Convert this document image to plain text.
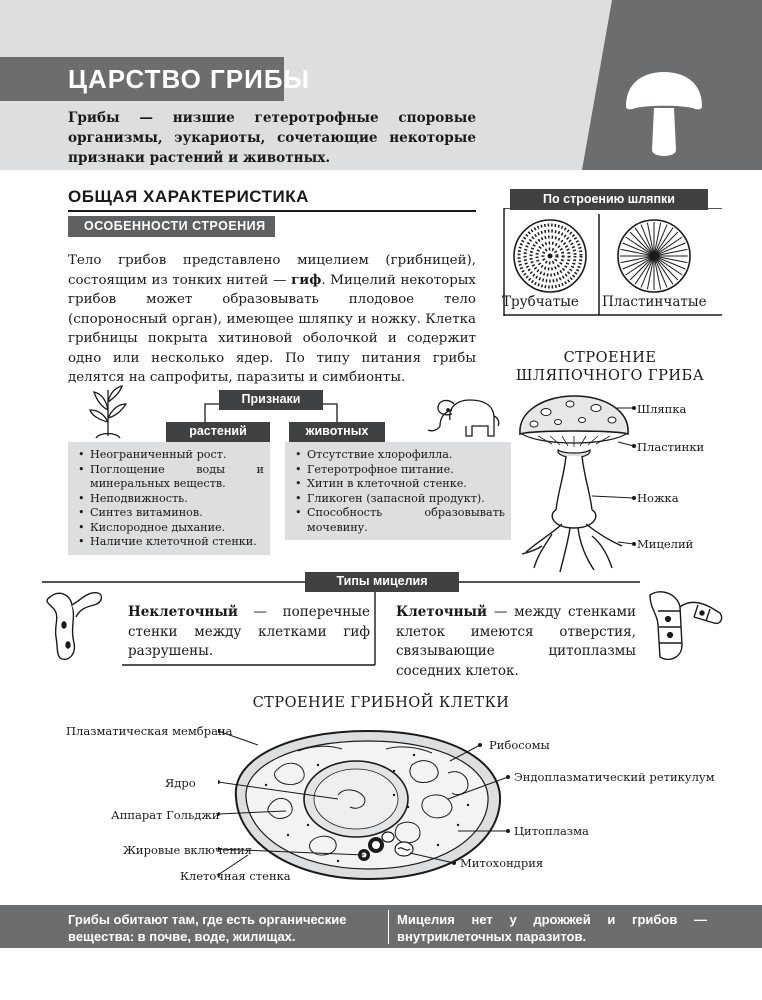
ЦАРСТВО ГРИБЫ
Грибы — низшие гетеротрофные споровые организмы, эукариоты, сочетающие некоторые признаки растений и животных.
ОБЩАЯ ХАРАКТЕРИСТИКА
ОСОБЕННОСТИ СТРОЕНИЯ
Тело грибов представлено мицелием (грибницей), состоящим из тонких нитей — гиф. Мицелий некоторых грибов может образовывать плодовое тело (спороносный орган), имеющее шляпку и ножку. Клетка грибницы покрыта хитиновой оболочкой и содержит одно или несколько ядер. По типу питания грибы делятся на сапрофиты, паразиты и симбионты.
По строению шляпки
Трубчатые Пластинчатые
СТРОЕНИЕ
ШЛЯПОЧНОГО ГРИБА
Шляпка
Пластинки
Ножка
Мицелий
Признаки
растений	животных
• Неограниченный рост.
• Поглощение воды и минеральных веществ.
• Неподвижность.
• Синтез витаминов.
• Кислородное дыхание.
• Наличие клеточной стенки.
• Отсутствие хлорофилла.
• Гетеротрофное питание.
• Хитин в клеточной стенке.
• Гликоген (запасной продукт).
• Способность образовывать мочевину.
Типы мицелия
Неклеточный — поперечные стенки между клетками гиф разрушены.
Клеточный — между стенками клеток имеются отверстия, связывающие цитоплазмы соседних клеток.
СТРОЕНИЕ ГРИБНОЙ КЛЕТКИ
Плазматическая мембрана
Ядро
Аппарат Гольджи
Жировые включения
Клеточная стенка
Рибосомы
Эндоплазматический ретикулум
Цитоплазма
Митохондрия
Грибы обитают там, где есть органические вещества: в почве, воде, жилищах.
Мицелия нет у дрожжей и грибов — внутриклеточных паразитов.
